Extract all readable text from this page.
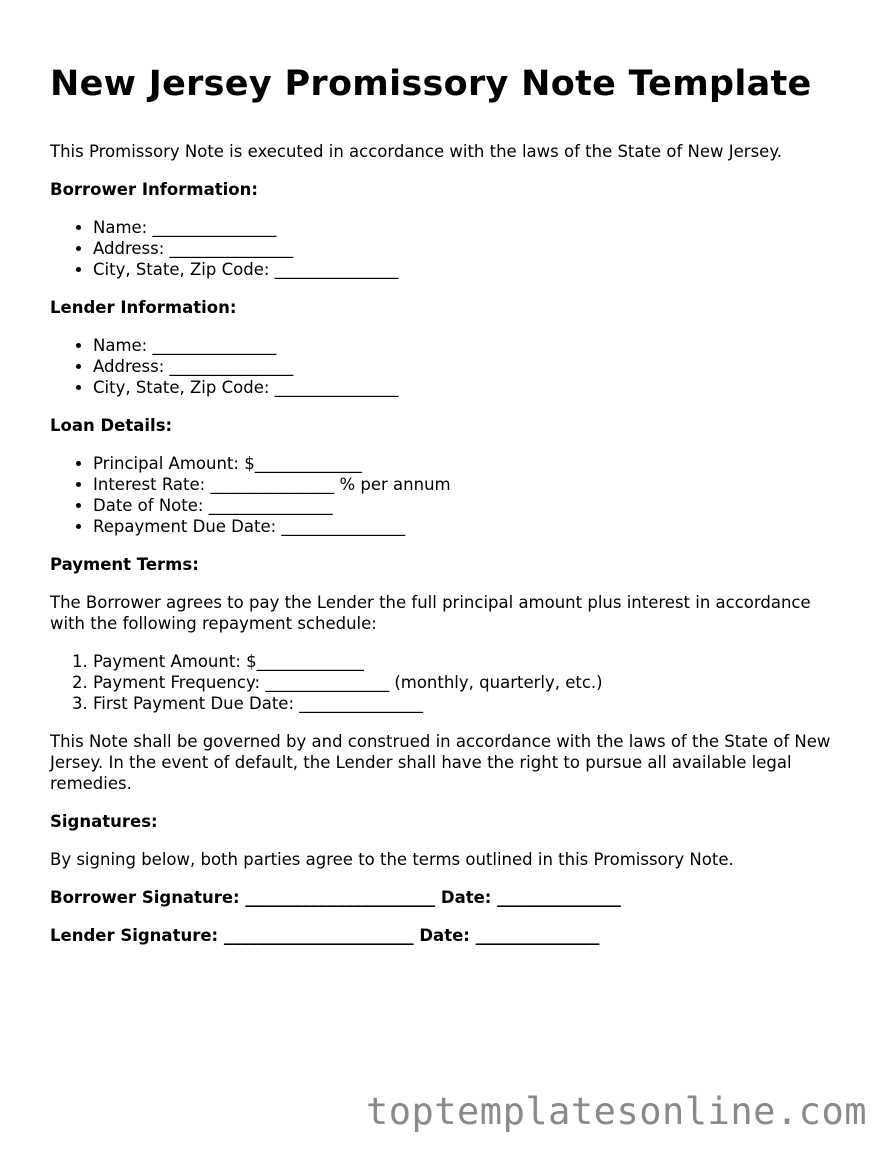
New Jersey Promissory Note Template

This Promissory Note is executed in accordance with the laws of the State of New Jersey.

Borrower Information:
• Name: _______________
• Address: _______________
• City, State, Zip Code: _______________
Lender Information:
• Name: _______________
• Address: _______________
• City, State, Zip Code: _______________
Loan Details:
• Principal Amount: $_____________
• Interest Rate: _______________ % per annum
• Date of Note: _______________
• Repayment Due Date: _______________
Payment Terms:

The Borrower agrees to pay the Lender the full principal amount plus interest in accordance with the following repayment schedule:

1. Payment Amount: $_____________
2. Payment Frequency: _______________ (monthly, quarterly, etc.)
3. First Payment Due Date: _______________

This Note shall be governed by and construed in accordance with the laws of the State of New Jersey. In the event of default, the Lender shall have the right to pursue all available legal remedies.

Signatures:

By signing below, both parties agree to the terms outlined in this Promissory Note.

Borrower Signature: _______________________ Date: _______________
Lender Signature: _______________________ Date: _______________
toptemplatesonline.com
